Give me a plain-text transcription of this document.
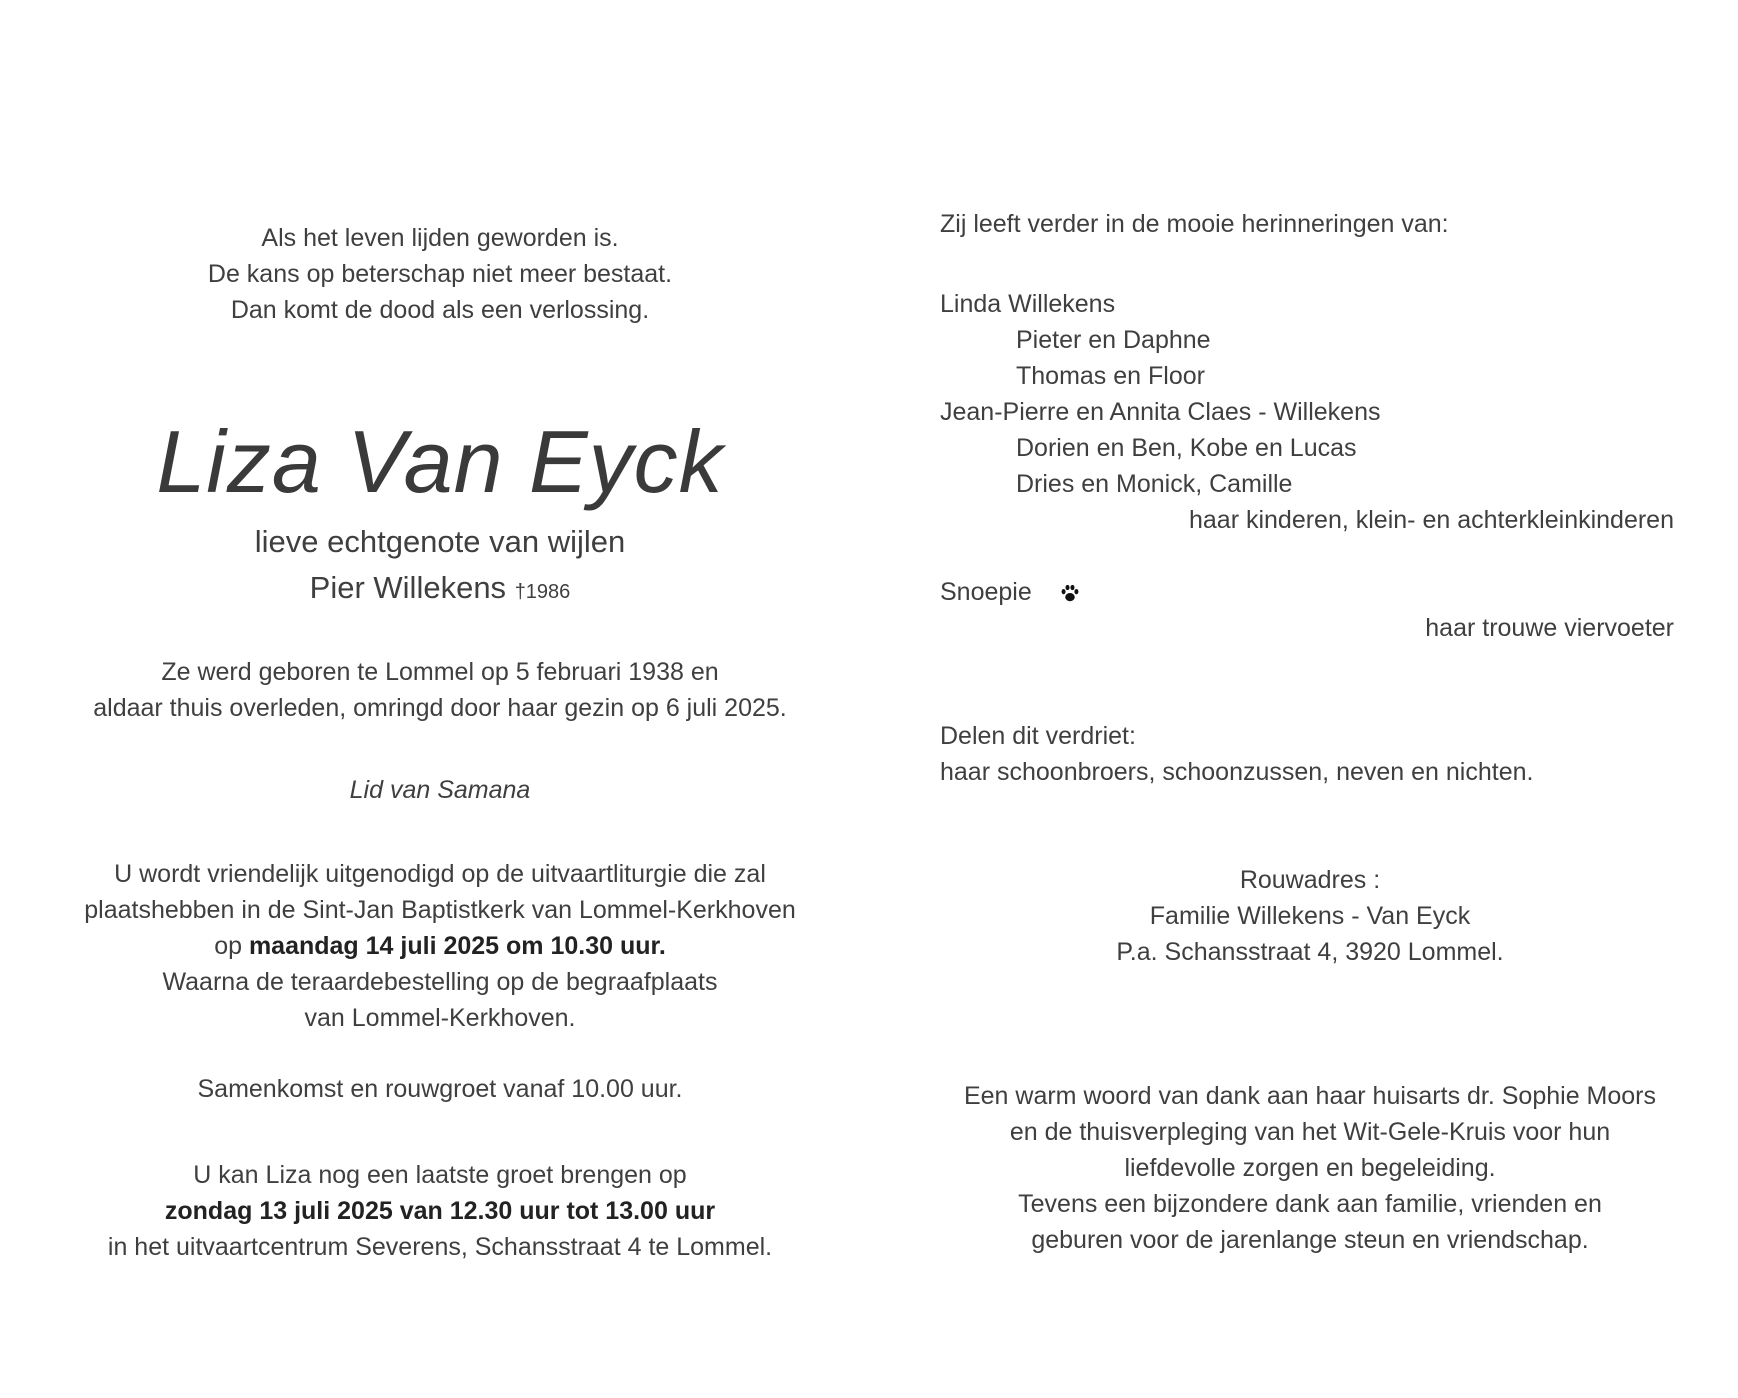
Als het leven lijden geworden is.
De kans op beterschap niet meer bestaat.
Dan komt de dood als een verlossing.
Liza Van Eyck
lieve echtgenote van wijlen
Pier Willekens †1986
Ze werd geboren te Lommel op 5 februari 1938 en
aldaar thuis overleden, omringd door haar gezin op 6 juli 2025.
Lid van Samana
U wordt vriendelijk uitgenodigd op de uitvaartliturgie die zal
plaatshebben in de Sint-Jan Baptistkerk van Lommel-Kerkhoven
op maandag 14 juli 2025 om 10.30 uur.
Waarna de teraardebestelling op de begraafplaats
van Lommel-Kerkhoven.
Samenkomst en rouwgroet vanaf 10.00 uur.
U kan Liza nog een laatste groet brengen op
zondag 13 juli 2025 van 12.30 uur tot 13.00 uur
in het uitvaartcentrum Severens, Schansstraat 4 te Lommel.
Zij leeft verder in de mooie herinneringen van:
Linda Willekens
Pieter en Daphne
Thomas en Floor
Jean-Pierre en Annita Claes - Willekens
Dorien en Ben, Kobe en Lucas
Dries en Monick, Camille
haar kinderen, klein- en achterkleinkinderen
Snoepie
haar trouwe viervoeter
Delen dit verdriet:
haar schoonbroers, schoonzussen, neven en nichten.
Rouwadres :
Familie Willekens - Van Eyck
P.a. Schansstraat 4, 3920 Lommel.
Een warm woord van dank aan haar huisarts dr. Sophie Moors
en de thuisverpleging van het Wit-Gele-Kruis voor hun
liefdevolle zorgen en begeleiding.
Tevens een bijzondere dank aan familie, vrienden en
geburen voor de jarenlange steun en vriendschap.
